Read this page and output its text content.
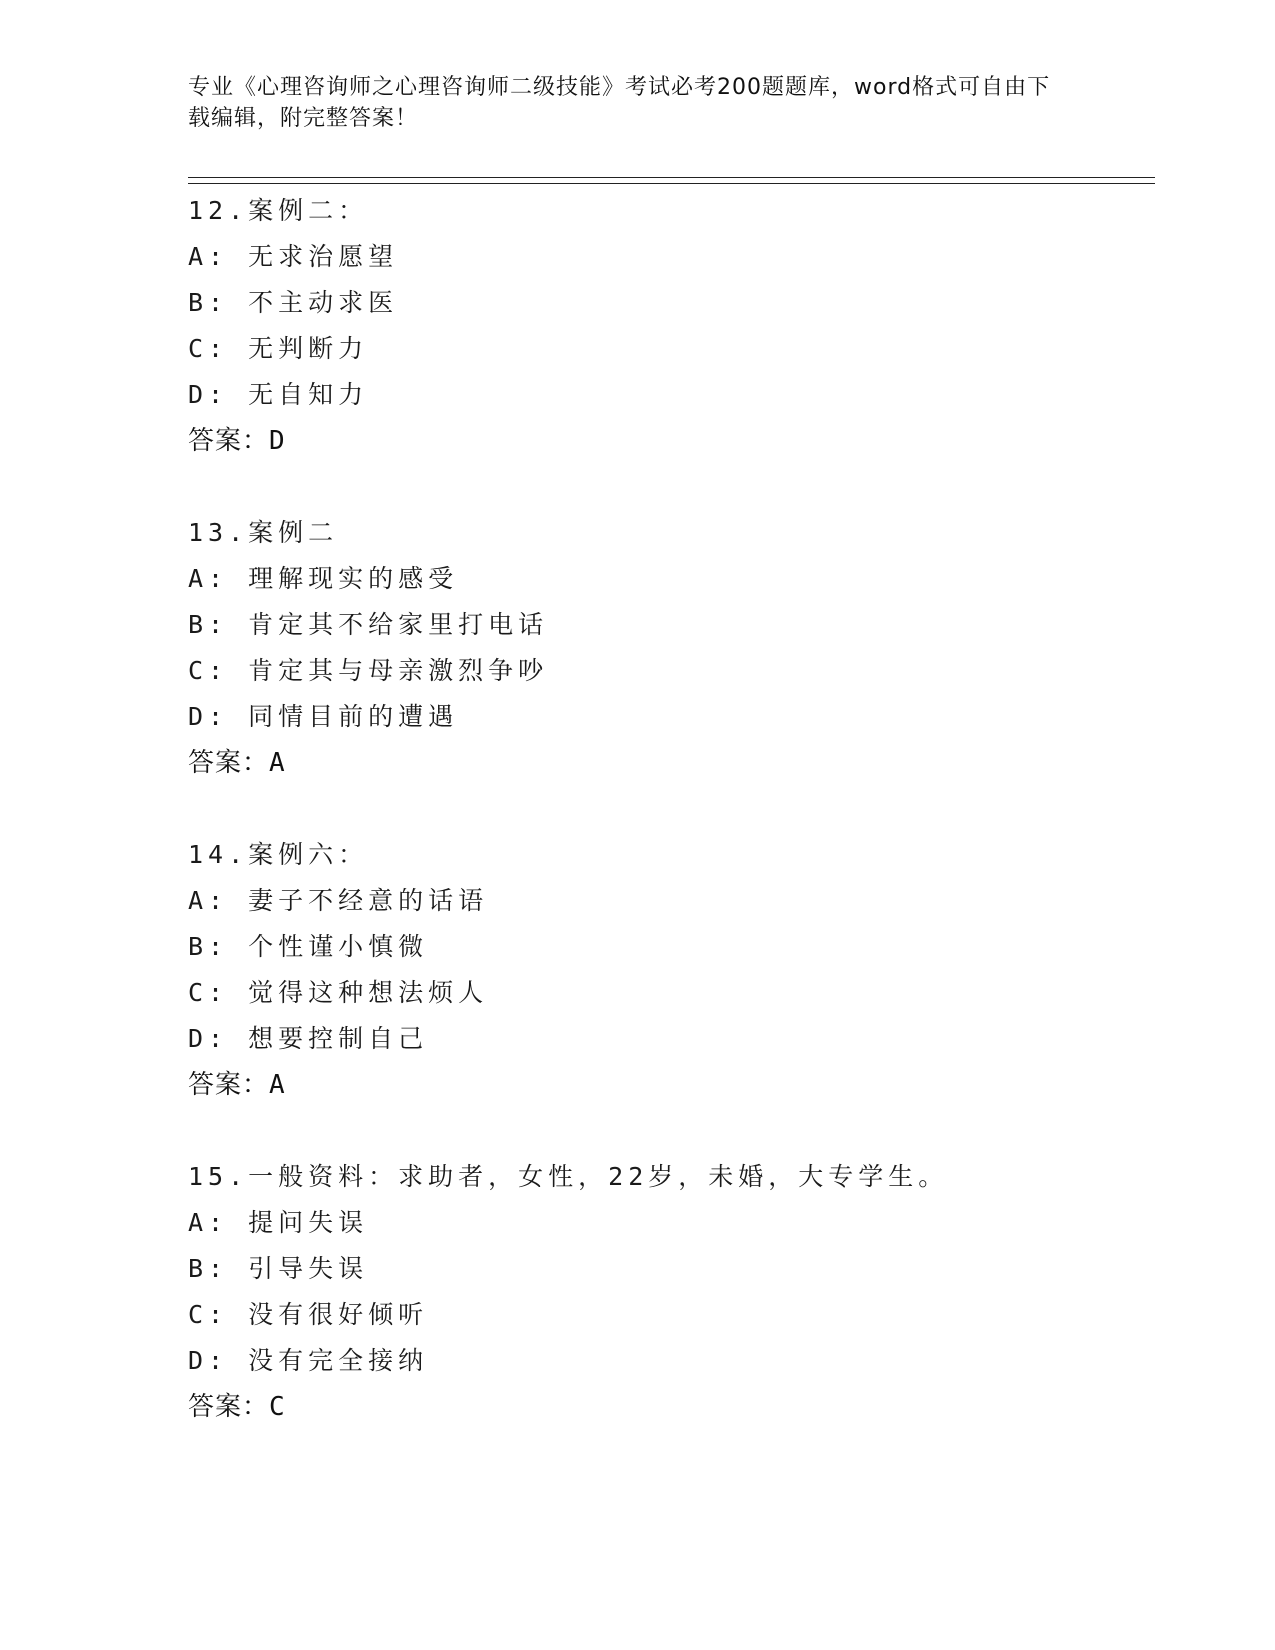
专业《心理咨询师之心理咨询师二级技能》考试必考200题题库，word格式可自由下载编辑，附完整答案！
12.案例二：
A: 无求治愿望
B: 不主动求医
C: 无判断力
D: 无自知力
答案：D
13.案例二
A: 理解现实的感受
B: 肯定其不给家里打电话
C: 肯定其与母亲激烈争吵
D: 同情目前的遭遇
答案：A
14.案例六：
A: 妻子不经意的话语
B: 个性谨小慎微
C: 觉得这种想法烦人
D: 想要控制自己
答案：A
15.一般资料：求助者，女性，22岁，未婚，大专学生。
A: 提问失误
B: 引导失误
C: 没有很好倾听
D: 没有完全接纳
答案：C
